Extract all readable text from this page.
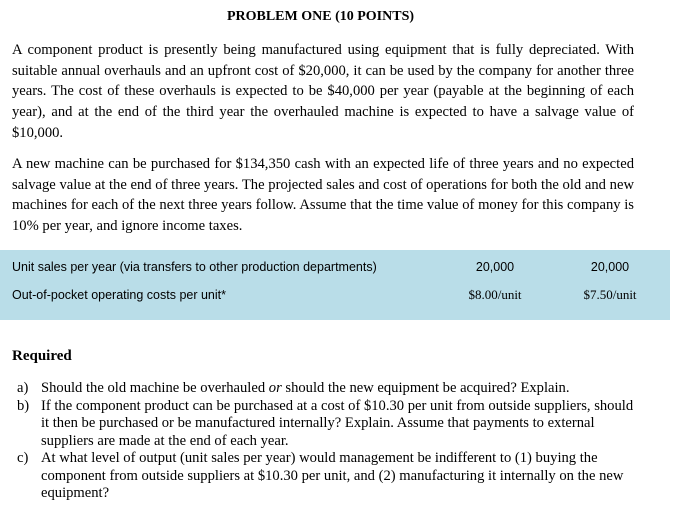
PROBLEM ONE (10 POINTS)

A component product is presently being manufactured using equipment that is fully depreciated. With suitable annual overhauls and an upfront cost of $20,000, it can be used by the company for another three years. The cost of these overhauls is expected to be $40,000 per year (payable at the beginning of each year), and at the end of the third year the overhauled machine is expected to have a salvage value of $10,000.

A new machine can be purchased for $134,350 cash with an expected life of three years and no expected salvage value at the end of three years. The projected sales and cost of operations for both the old and new machines for each of the next three years follow. Assume that the time value of money for this company is 10% per year, and ignore income taxes.

Unit sales per year (via transfers to other production departments)	20,000	20,000
Out-of-pocket operating costs per unit*	$8.00/unit	$7.50/unit
Required
a) Should the old machine be overhauled or should the new equipment be acquired? Explain.
b) If the component product can be purchased at a cost of $10.30 per unit from outside suppliers, should it then be purchased or be manufactured internally? Explain. Assume that payments to external suppliers are made at the end of each year.
c) At what level of output (unit sales per year) would management be indifferent to (1) buying the component from outside suppliers at $10.30 per unit, and (2) manufacturing it internally on the new equipment?
